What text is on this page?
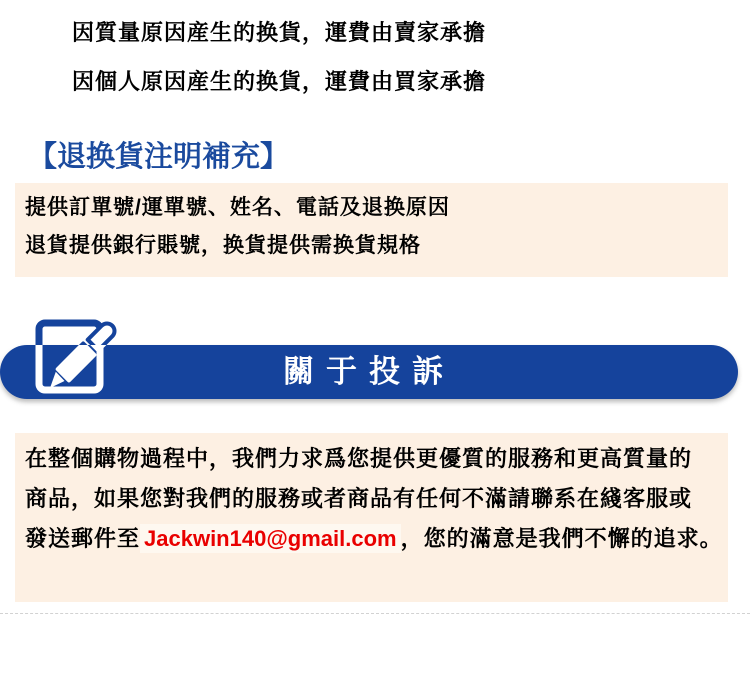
因質量原因産生的换貨，運費由賣家承擔
因個人原因産生的换貨，運費由買家承擔
【退换貨注明補充】
提供訂單號/運單號、姓名、電話及退换原因
退貨提供銀行賬號，换貨提供需换貨規格
關于投訴
在整個購物過程中，我們力求爲您提供更優質的服務和更高質量的
商品，如果您對我們的服務或者商品有任何不滿請聯系在綫客服或
發送郵件至 Jackwin140@gmail.com ，您的滿意是我們不懈的追求。
